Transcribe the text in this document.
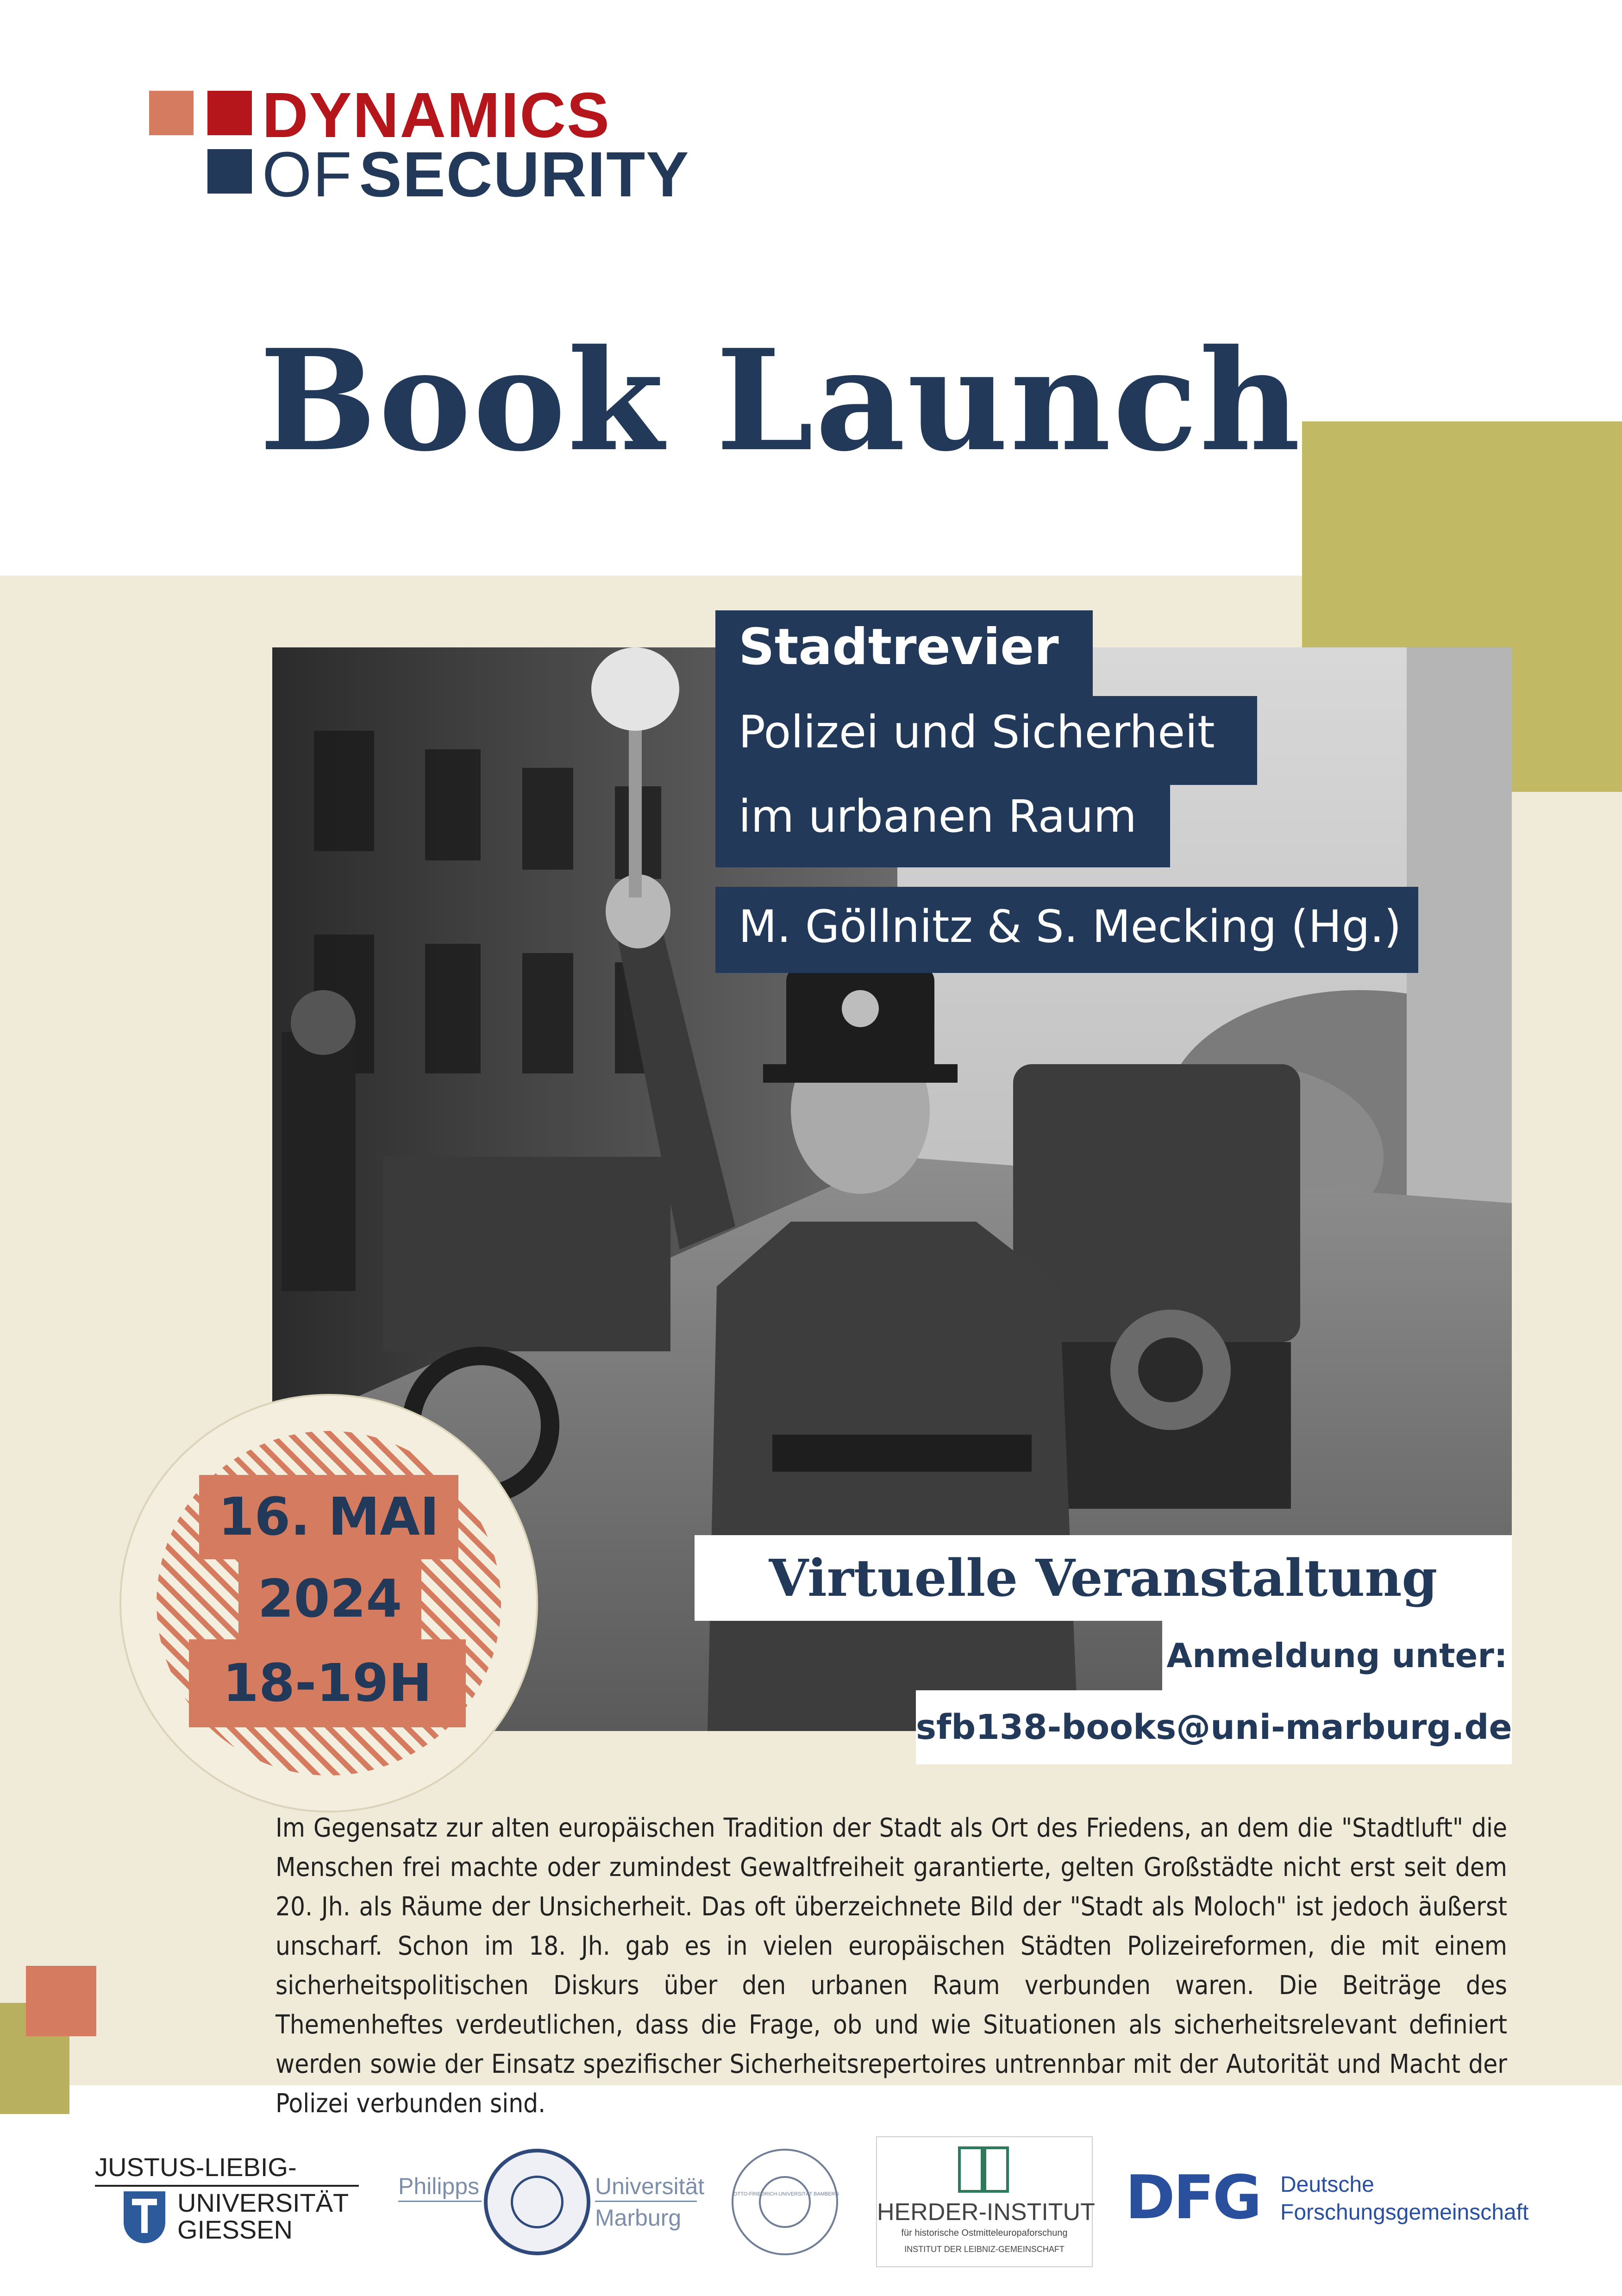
DYNAMICS
OF SECURITY
Book Launch
Stadtrevier
Polizei und Sicherheit
im urbanen Raum
M. Göllnitz & S. Mecking (Hg.)
16. MAI
2024
18-19H
Virtuelle Veranstaltung
Anmeldung unter:
sfb138-books@uni-marburg.de
Im Gegensatz zur alten europäischen Tradition der Stadt als Ort des Friedens, an dem die "Stadtluft" die Menschen frei machte oder zumindest Gewaltfreiheit garantierte, gelten Großstädte nicht erst seit dem 20. Jh. als Räume der Unsicherheit. Das oft überzeichnete Bild der "Stadt als Moloch" ist jedoch äußerst unscharf. Schon im 18. Jh. gab es in vielen europäischen Städten Polizeireformen, die mit einem sicherheitspolitischen Diskurs über den urbanen Raum verbunden waren. Die Beiträge des Themenheftes verdeutlichen, dass die Frage, ob und wie Situationen als sicherheitsrelevant definiert werden sowie der Einsatz spezifischer Sicherheitsrepertoires untrennbar mit der Autorität und Macht der Polizei verbunden sind.
JUSTUS-LIEBIG-
UNIVERSITÄT
GIESSEN
Philipps	Universität
Marburg
OTTO-FRIEDRICH-UNIVERSITÄT BAMBERG
HERDER-INSTITUT
für historische Ostmitteleuropaforschung
INSTITUT DER LEIBNIZ-GEMEINSCHAFT
DFG Deutsche
Forschungsgemeinschaft
